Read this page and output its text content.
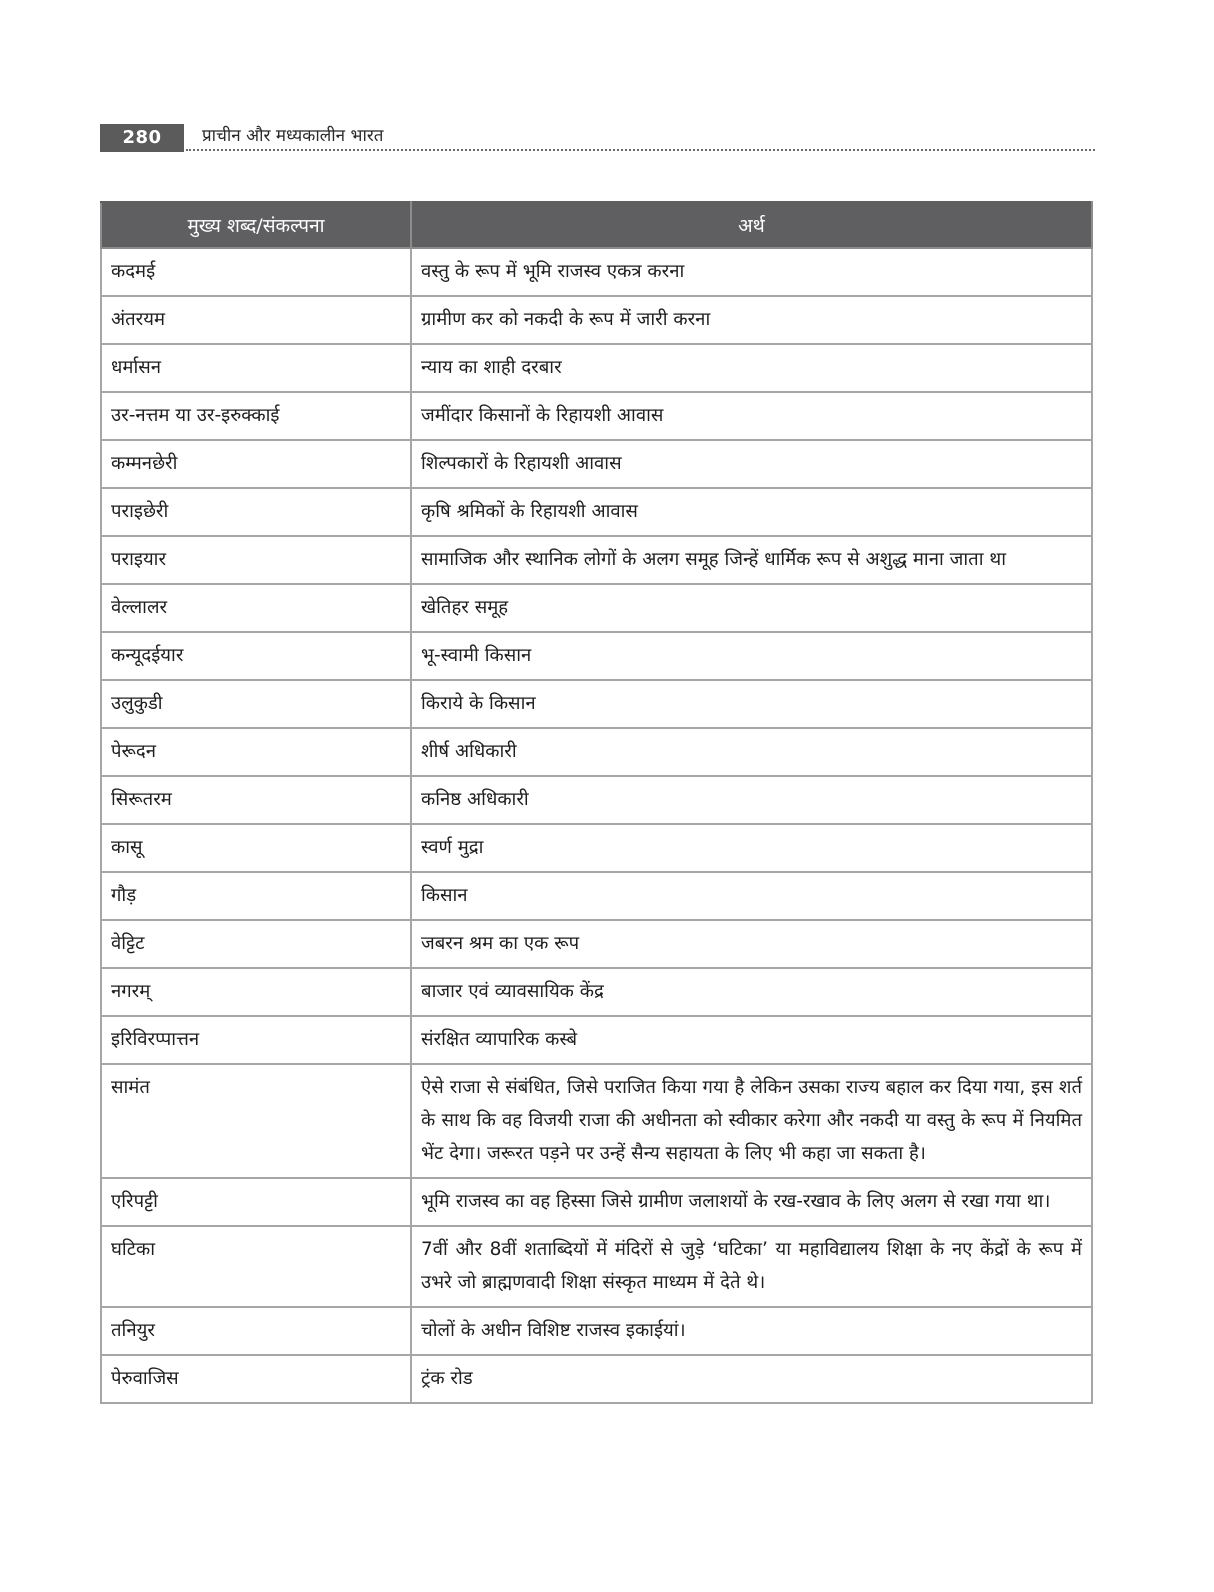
280	प्राचीन और मध्यकालीन भारत
मुख्य शब्द/संकल्पना	अर्थ
कदमई	वस्तु के रूप में भूमि राजस्व एकत्र करना
अंतरयम	ग्रामीण कर को नकदी के रूप में जारी करना
धर्मासन	न्याय का शाही दरबार
उर-नत्तम या उर-इरुक्काई	जमींदार किसानों के रिहायशी आवास
कम्मनछेरी	शिल्पकारों के रिहायशी आवास
पराइछेरी	कृषि श्रमिकों के रिहायशी आवास
पराइयार	सामाजिक और स्थानिक लोगों के अलग समूह जिन्हें धार्मिक रूप से अशुद्ध माना जाता था
वेल्लालर	खेतिहर समूह
कन्यूदईयार	भू-स्वामी किसान
उलुकुडी	किराये के किसान
पेरूदन	शीर्ष अधिकारी
सिरूतरम	कनिष्ठ अधिकारी
कासू	स्वर्ण मुद्रा
गौड़	किसान
वेट्टिट	जबरन श्रम का एक रूप
नगरम्	बाजार एवं व्यावसायिक केंद्र
इरिविरप्पात्तन	संरक्षित व्यापारिक कस्बे
सामंत	ऐसे राजा से संबंधित, जिसे पराजित किया गया है लेकिन उसका राज्य बहाल कर दिया गया, इस शर्त के साथ कि वह विजयी राजा की अधीनता को स्वीकार करेगा और नकदी या वस्तु के रूप में नियमित भेंट देगा। जरूरत पड़ने पर उन्हें सैन्य सहायता के लिए भी कहा जा सकता है।
एरिपट्टी	भूमि राजस्व का वह हिस्सा जिसे ग्रामीण जलाशयों के रख-रखाव के लिए अलग से रखा गया था।
घटिका	7वीं और 8वीं शताब्दियों में मंदिरों से जुड़े ‘घटिका’ या महाविद्यालय शिक्षा के नए केंद्रों के रूप में उभरे जो ब्राह्मणवादी शिक्षा संस्कृत माध्यम में देते थे।
तनियुर	चोलों के अधीन विशिष्ट राजस्व इकाईयां।
पेरुवाजिस	ट्रंक रोड
